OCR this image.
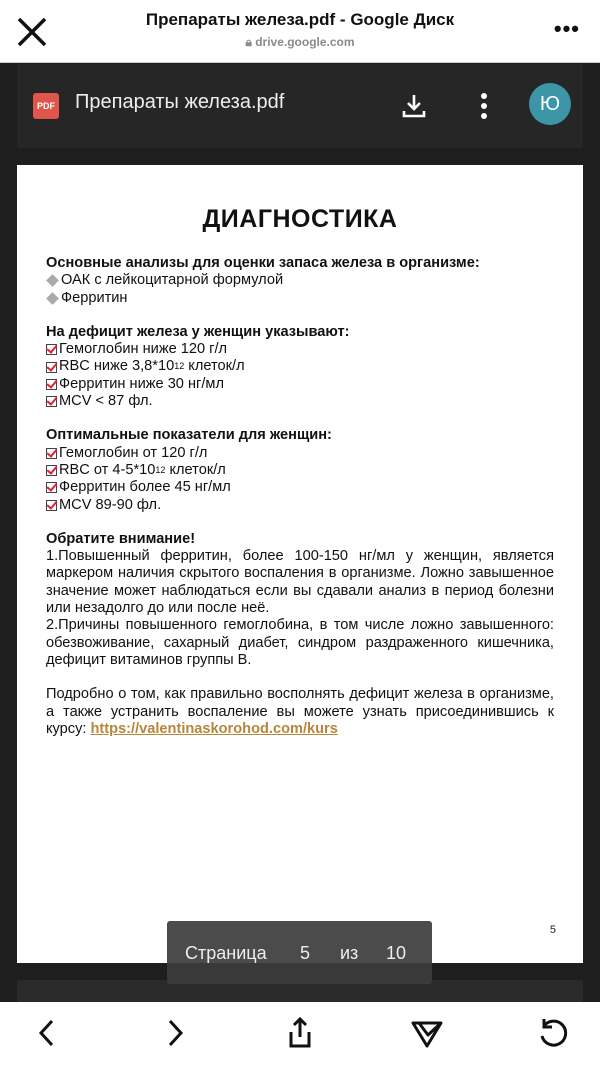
Препараты железа.pdf - Google Диск
🔒︎ drive.google.com
•••
PDF Препараты железа.pdf	Ю
ДИАГНОСТИКА
Основные анализы для оценки запаса железа в организме:
ОАК с лейкоцитарной формулой
Ферритин
На дефицит железа у женщин указывают:
Гемоглобин ниже 120 г/л
RBC ниже 3,8*10 12
клеток/л
Ферритин ниже 30 нг/мл
MCV < 87 фл.
Оптимальные показатели для женщин:
Гемоглобин от 120 г/л
RBC от 4-5*10 12
клеток/л
Ферритин более 45 нг/мл
MCV 89-90 фл.
Обратите внимание!

1.Повышенный ферритин, более 100-150 нг/мл у женщин, является маркером наличия скрытого воспаления в организме. Ложно завышенное значение может наблюдаться если вы сдавали анализ в период болезни или незадолго до или после неё.

2.Причины повышенного гемоглобина, в том числе ложно завышенного: обезвоживание, сахарный диабет, синдром раздраженного кишечника, дефицит витаминов группы В.

Подробно о том, как правильно восполнять дефицит железа в организме, а также устранить воспаление вы можете узнать присоединившись к курсу: https://valentinaskorohod.com/kurs

5
Страница 5 из 10
